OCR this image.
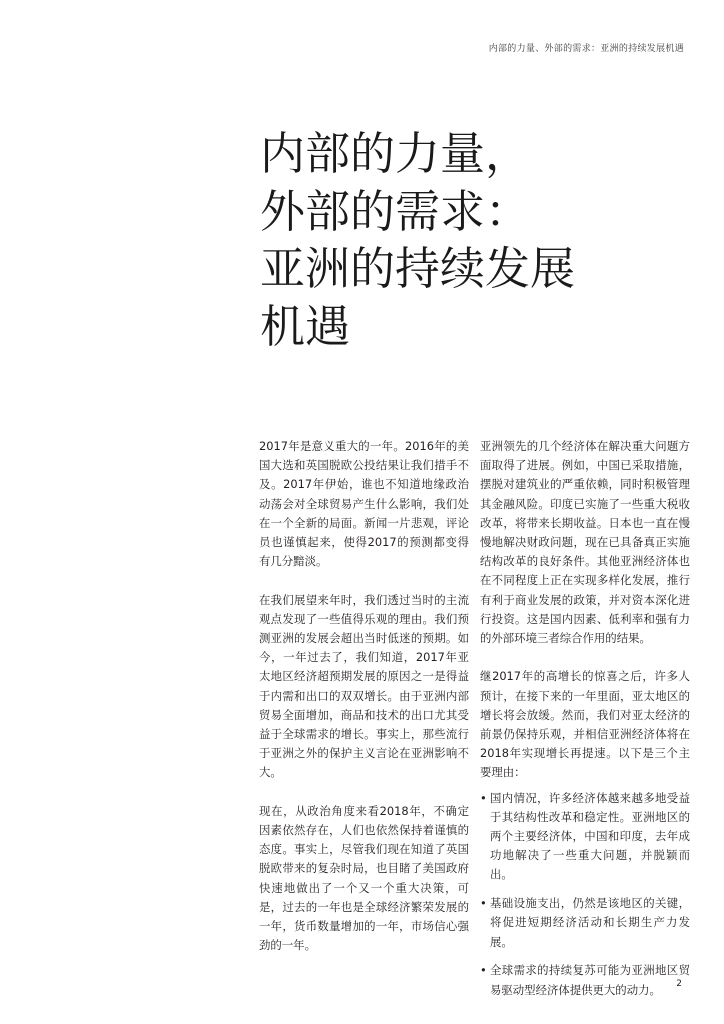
内部的力量、外部的需求：亚洲的持续发展机遇
内部的力量，
外部的需求：
亚洲的持续发展
机遇

2017年是意义重大的一年。2016年的美国大选和英国脱欧公投结果让我们措手不及。2017年伊始，谁也不知道地缘政治动荡会对全球贸易产生什么影响，我们处在一个全新的局面。新闻一片悲观，评论员也谨慎起来，使得2017的预测都变得有几分黯淡。

在我们展望来年时，我们透过当时的主流观点发现了一些值得乐观的理由。我们预测亚洲的发展会超出当时低迷的预期。如今，一年过去了，我们知道，2017年亚太地区经济超预期发展的原因之一是得益于内需和出口的双双增长。由于亚洲内部贸易全面增加，商品和技术的出口尤其受益于全球需求的增长。事实上，那些流行于亚洲之外的保护主义言论在亚洲影响不大。

现在，从政治角度来看2018年，不确定因素依然存在，人们也依然保持着谨慎的态度。事实上，尽管我们现在知道了英国脱欧带来的复杂时局，也目睹了美国政府快速地做出了一个又一个重大决策，可是，过去的一年也是全球经济繁荣发展的一年，货币数量增加的一年，市场信心强劲的一年。

亚洲领先的几个经济体在解决重大问题方面取得了进展。例如，中国已采取措施，摆脱对建筑业的严重依赖，同时积极管理其金融风险。印度已实施了一些重大税收改革，将带来长期收益。日本也一直在慢慢地解决财政问题，现在已具备真正实施结构改革的良好条件。其他亚洲经济体也在不同程度上正在实现多样化发展，推行有利于商业发展的政策，并对资本深化进行投资。这是国内因素、低利率和强有力的外部环境三者综合作用的结果。

继2017年的高增长的惊喜之后，许多人预计，在接下来的一年里面，亚太地区的增长将会放缓。然而，我们对亚太经济的前景仍保持乐观，并相信亚洲经济体将在2018年实现增长再提速。以下是三个主要理由：

• 国内情况，许多经济体越来越多地受益于其结构性改革和稳定性。亚洲地区的两个主要经济体，中国和印度，去年成功地解决了一些重大问题，并脱颖而出。
• 基础设施支出，仍然是该地区的关键，将促进短期经济活动和长期生产力发展。
• 全球需求的持续复苏可能为亚洲地区贸易驱动型经济体提供更大的动力。	2
